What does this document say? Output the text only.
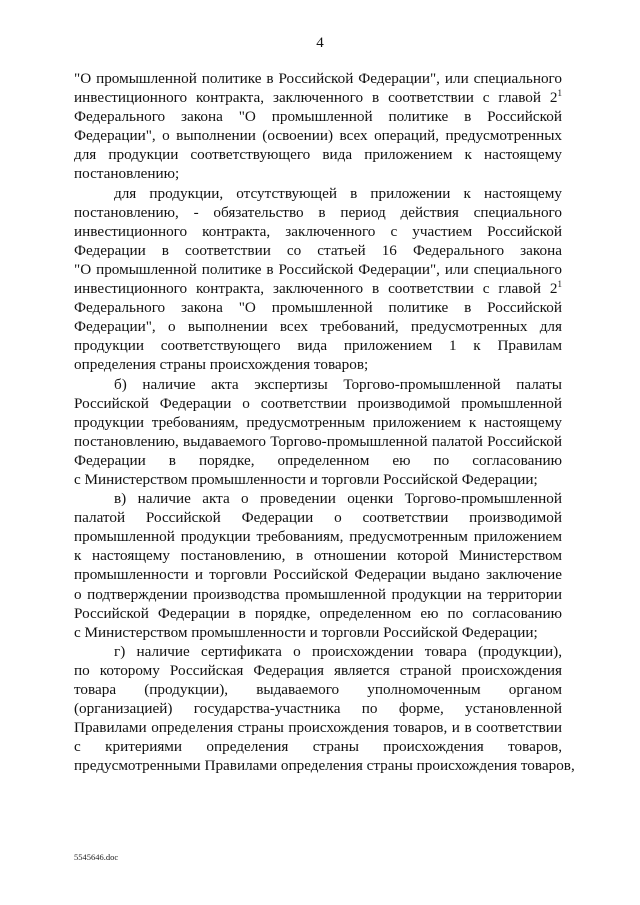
4
"О промышленной политике в Российской Федерации", или специального
инвестиционного контракта, заключенного в соответствии с главой $2^1$
Федерального закона "О промышленной политике в Российской
Федерации", о выполнении (освоении) всех операций, предусмотренных
для продукции соответствующего вида приложением к настоящему
постановлению;
для продукции, отсутствующей в приложении к настоящему
постановлению, - обязательство в период действия специального
инвестиционного контракта, заключенного с участием Российской
Федерации в соответствии со статьей 16 Федерального закона
"О промышленной политике в Российской Федерации", или специального
инвестиционного контракта, заключенного в соответствии с главой $2^1$
Федерального закона "О промышленной политике в Российской
Федерации", о выполнении всех требований, предусмотренных для
продукции соответствующего вида приложением 1 к Правилам
определения страны происхождения товаров;
б) наличие акта экспертизы Торгово-промышленной палаты
Российской Федерации о соответствии производимой промышленной
продукции требованиям, предусмотренным приложением к настоящему
постановлению, выдаваемого Торгово-промышленной палатой Российской
Федерации в порядке, определенном ею по согласованию
с Министерством промышленности и торговли Российской Федерации;
в) наличие акта о проведении оценки Торгово-промышленной
палатой Российской Федерации о соответствии производимой
промышленной продукции требованиям, предусмотренным приложением
к настоящему постановлению, в отношении которой Министерством
промышленности и торговли Российской Федерации выдано заключение
о подтверждении производства промышленной продукции на территории
Российской Федерации в порядке, определенном ею по согласованию
с Министерством промышленности и торговли Российской Федерации;
г) наличие сертификата о происхождении товара (продукции),
по которому Российская Федерация является страной происхождения
товара (продукции), выдаваемого уполномоченным органом
(организацией) государства-участника по форме, установленной
Правилами определения страны происхождения товаров, и в соответствии
с критериями определения страны происхождения товаров,
предусмотренными Правилами определения страны происхождения товаров,
5545646.doc
